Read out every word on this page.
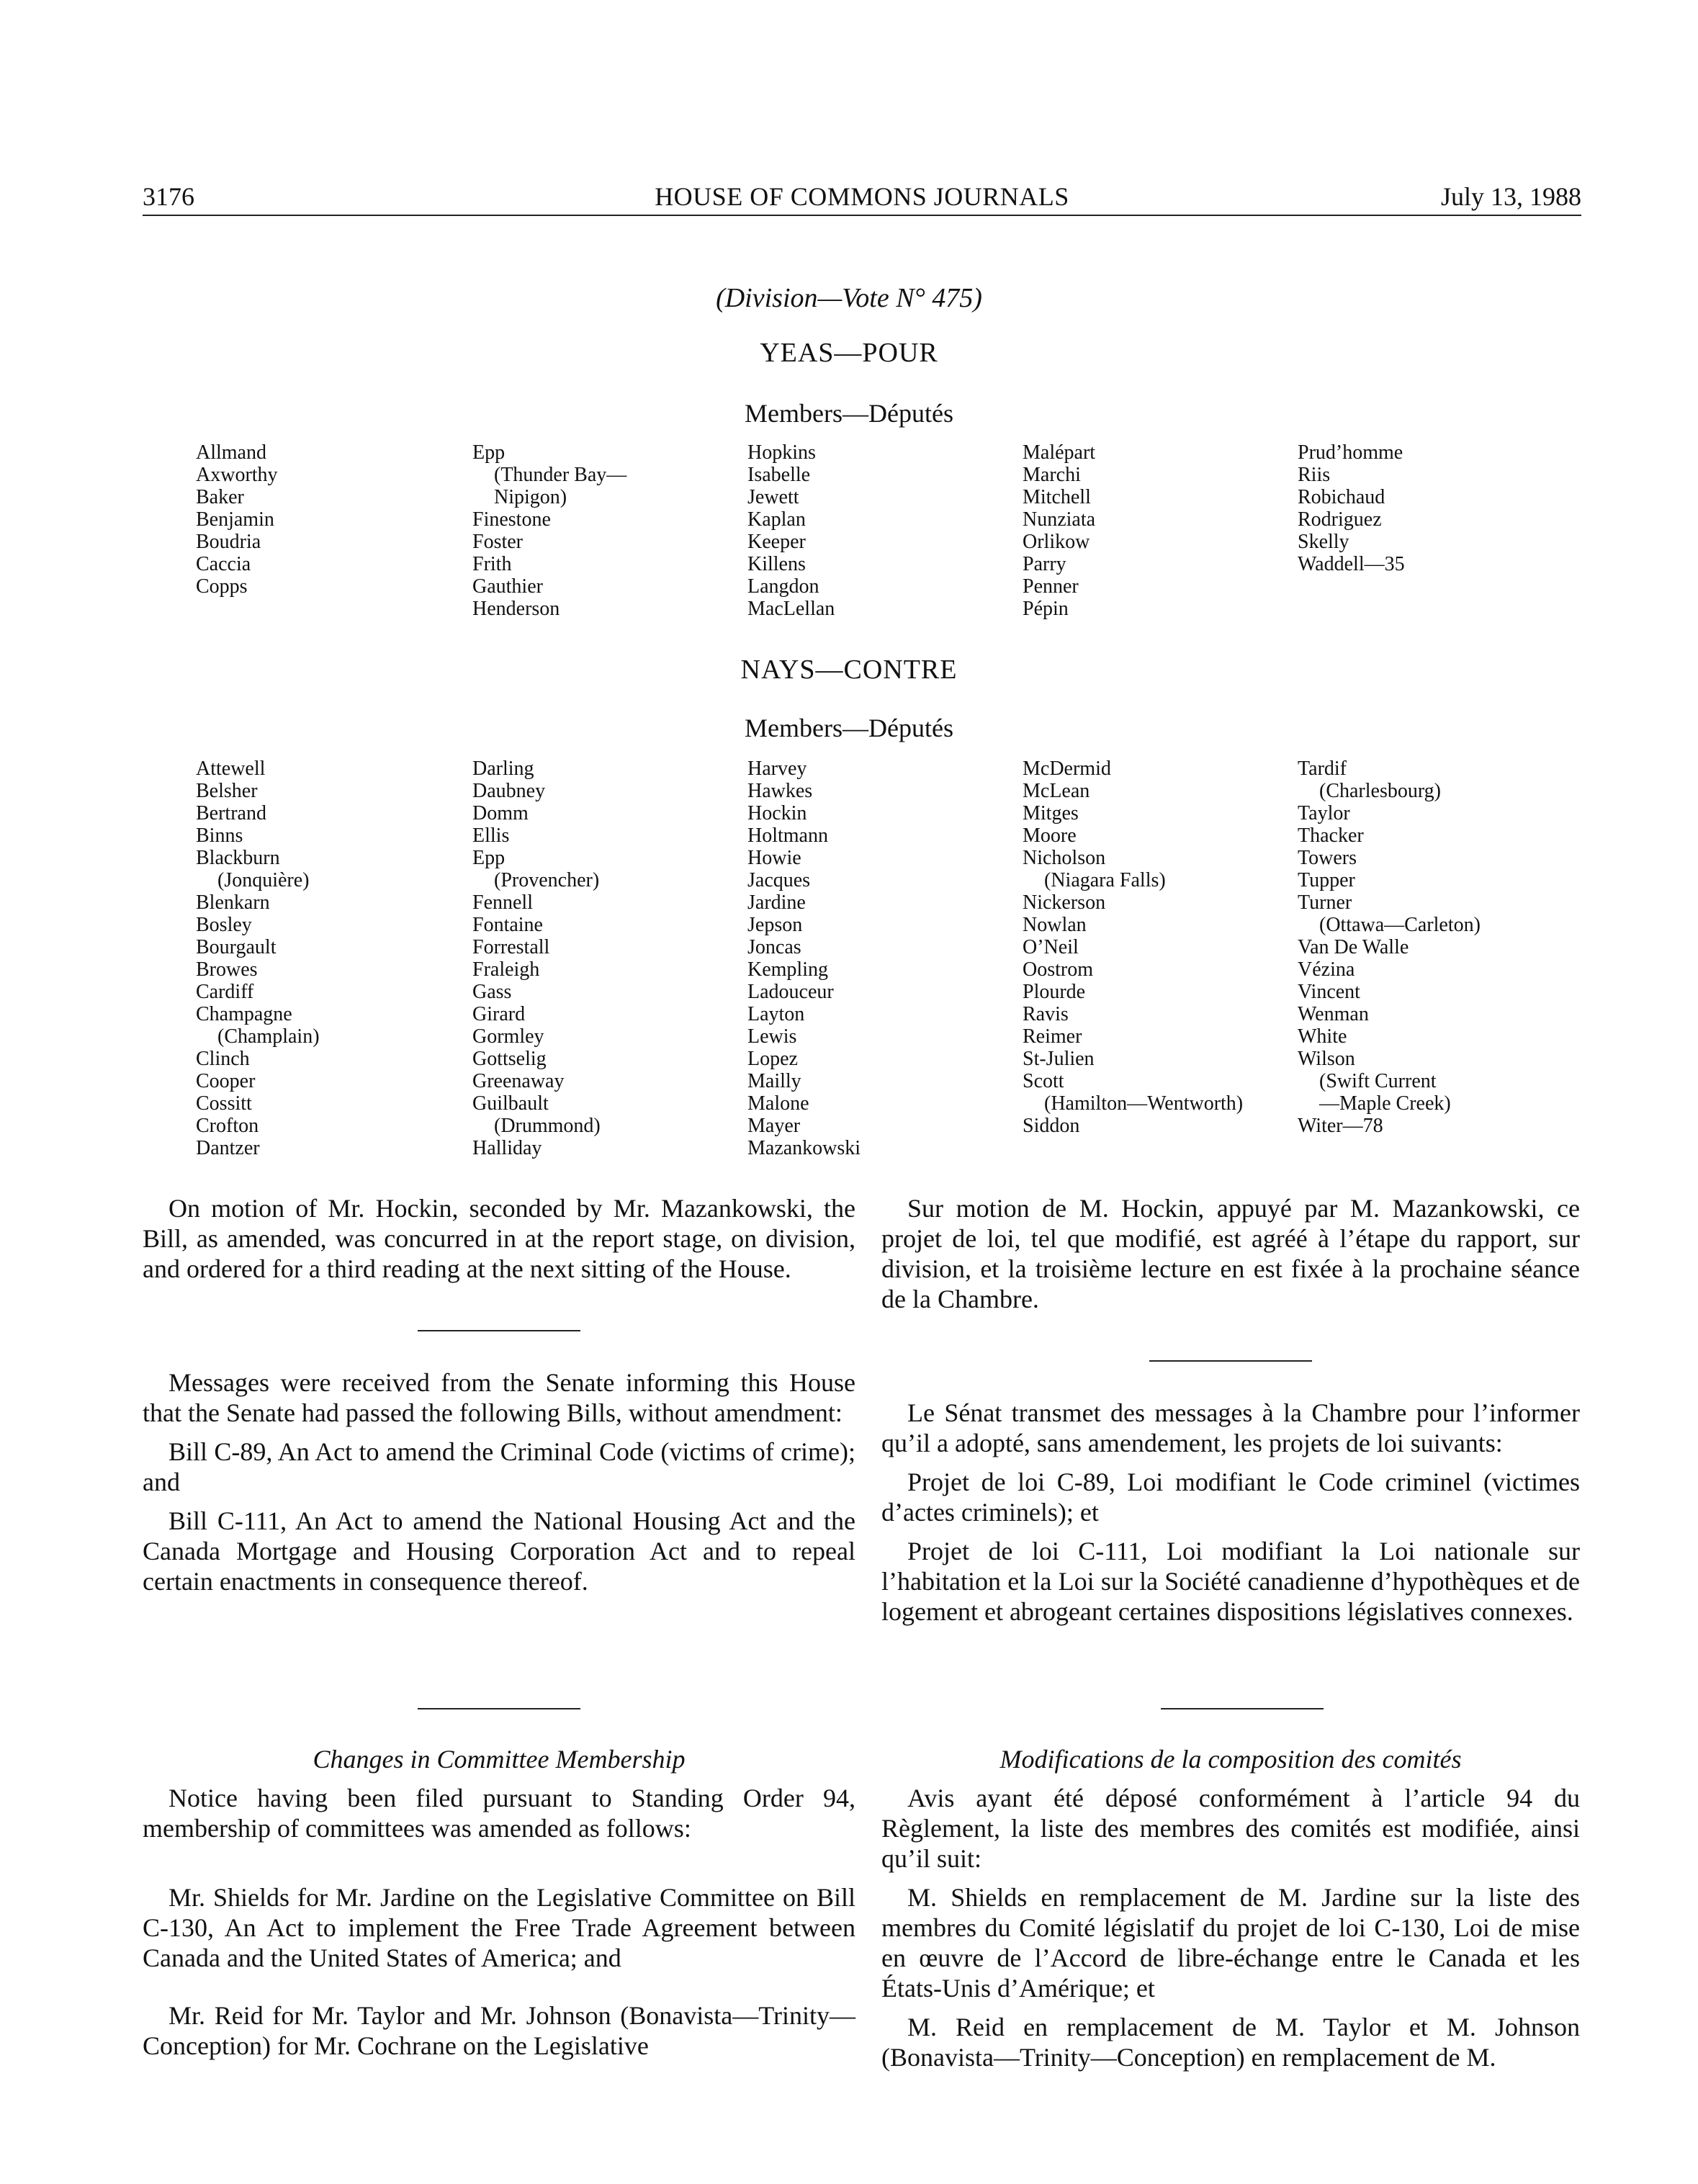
3176	HOUSE OF COMMONS JOURNALS	July 13, 1988
(Division—Vote N° 475)
YEAS—POUR
Members—Députés
Allmand
Axworthy
Baker
Benjamin
Boudria
Caccia
Copps
Epp
(Thunder Bay—
Nipigon)
Finestone
Foster
Frith
Gauthier
Henderson
Hopkins
Isabelle
Jewett
Kaplan
Keeper
Killens
Langdon
MacLellan
Malépart
Marchi
Mitchell
Nunziata
Orlikow
Parry
Penner
Pépin
Prud’homme
Riis
Robichaud
Rodriguez
Skelly
Waddell—35
NAYS—CONTRE
Members—Députés
Attewell
Belsher
Bertrand
Binns
Blackburn
(Jonquière)
Blenkarn
Bosley
Bourgault
Browes
Cardiff
Champagne
(Champlain)
Clinch
Cooper
Cossitt
Crofton
Dantzer
Darling
Daubney
Domm
Ellis
Epp
(Provencher)
Fennell
Fontaine
Forrestall
Fraleigh
Gass
Girard
Gormley
Gottselig
Greenaway
Guilbault
(Drummond)
Halliday
Harvey
Hawkes
Hockin
Holtmann
Howie
Jacques
Jardine
Jepson
Joncas
Kempling
Ladouceur
Layton
Lewis
Lopez
Mailly
Malone
Mayer
Mazankowski
McDermid
McLean
Mitges
Moore
Nicholson
(Niagara Falls)
Nickerson
Nowlan
O’Neil
Oostrom
Plourde
Ravis
Reimer
St-Julien
Scott
(Hamilton—Wentworth)
Siddon
Tardif
(Charlesbourg)
Taylor
Thacker
Towers
Tupper
Turner
(Ottawa—Carleton)
Van De Walle
Vézina
Vincent
Wenman
White
Wilson
(Swift Current
—Maple Creek)
Witer—78

On motion of Mr. Hockin, seconded by Mr. Mazankowski, the Bill, as amended, was concurred in at the report stage, on division, and ordered for a third reading at the next sitting of the House.

Messages were received from the Senate informing this House that the Senate had passed the following Bills, without amendment:

Bill C-89, An Act to amend the Criminal Code (victims of crime); and

Bill C-111, An Act to amend the National Housing Act and the Canada Mortgage and Housing Corporation Act and to repeal certain enactments in consequence thereof.

Sur motion de M. Hockin, appuyé par M. Mazankowski, ce projet de loi, tel que modifié, est agréé à l’étape du rapport, sur division, et la troisième lecture en est fixée à la prochaine séance de la Chambre.

Le Sénat transmet des messages à la Chambre pour l’informer qu’il a adopté, sans amendement, les projets de loi suivants:

Projet de loi C-89, Loi modifiant le Code criminel (victimes d’actes criminels); et

Projet de loi C-111, Loi modifiant la Loi nationale sur l’habitation et la Loi sur la Société canadienne d’hypothèques et de logement et abrogeant certaines dispositions législatives connexes.

Changes in Committee Membership

Notice having been filed pursuant to Standing Order 94, membership of committees was amended as follows:

Mr. Shields for Mr. Jardine on the Legislative Committee on Bill C-130, An Act to implement the Free Trade Agreement between Canada and the United States of America; and

Mr. Reid for Mr. Taylor and Mr. Johnson (Bonavista—Trinity—Conception) for Mr. Cochrane on the Legislative

Modifications de la composition des comités

Avis ayant été déposé conformément à l’article 94 du Règlement, la liste des membres des comités est modifiée, ainsi qu’il suit:

M. Shields en remplacement de M. Jardine sur la liste des membres du Comité législatif du projet de loi C-130, Loi de mise en œuvre de l’Accord de libre-échange entre le Canada et les États-Unis d’Amérique; et

M. Reid en remplacement de M. Taylor et M. Johnson (Bonavista—Trinity—Conception) en remplacement de M.
